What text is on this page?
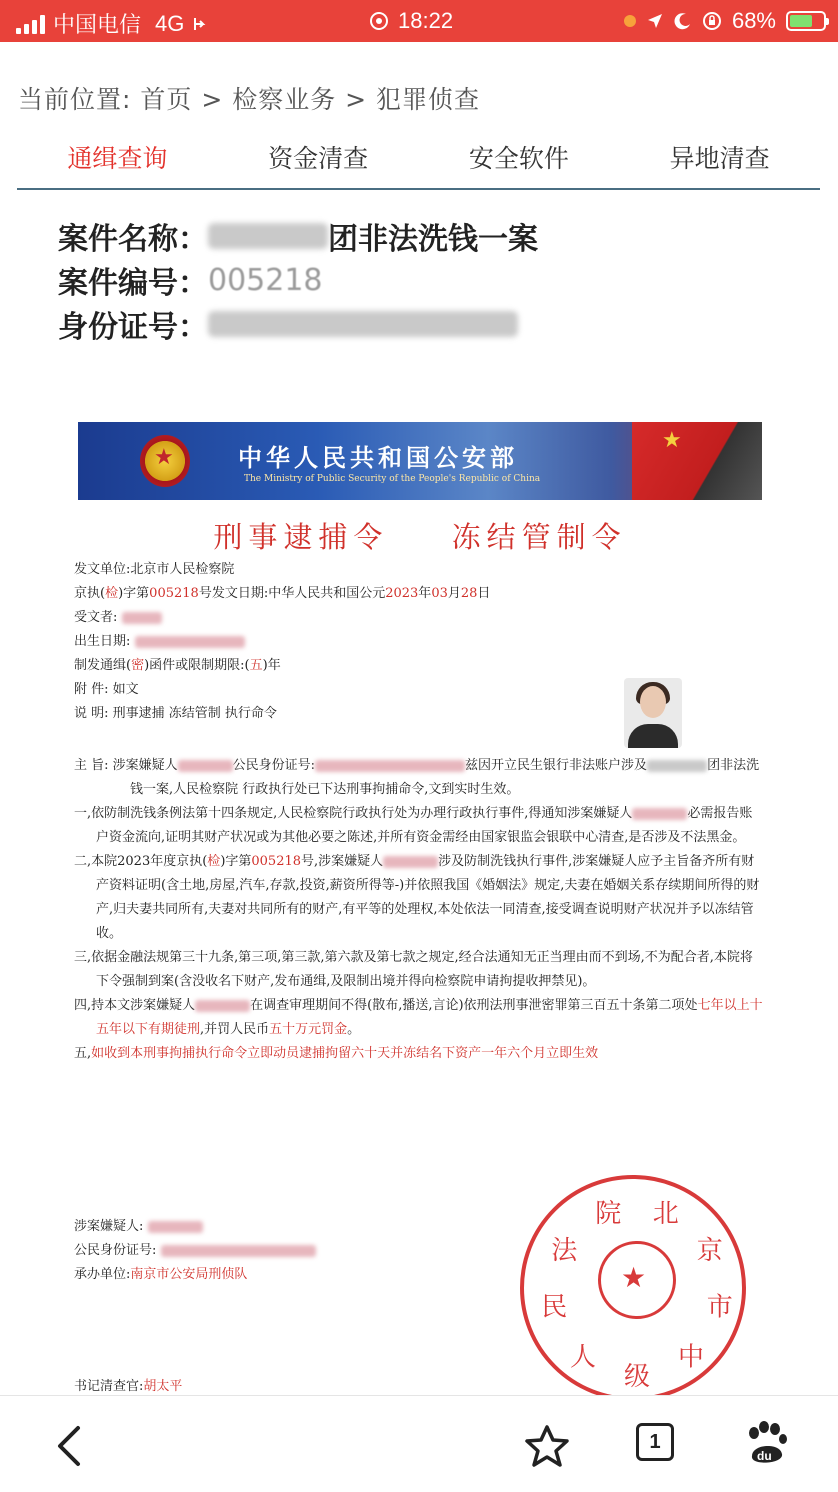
中国电信 4G	18:22	68%
当前位置: 首页 > 检察业务 > 犯罪侦查
通缉查询	资金清查	安全软件	异地清查
案件名称：	团非法洗钱一案
案件编号： 005218
身份证号：
★
中华人民共和国公安部
The Ministry of Public Security of the People's Republic of China
★
刑事逮捕令 冻结管制令
发文单位:北京市人民检察院
京执(检)字第005218号发文日期:中华人民共和国公元2023年03月28日
受文者:
出生日期:
制发通缉(密)函件或限制期限:(五)年
附 件: 如文
说 明: 刑事逮捕 冻结管制 执行命令

主 旨: 涉案嫌疑人	公民身份证号:	兹因开立民生银行非法账户涉及	团非法洗钱一案,人民检察院 行政执行处已下达刑事拘捕命令,文到实时生效。

一,依防制洗钱条例法第十四条规定,人民检察院行政执行处为办理行政执行事件,得通知涉案嫌疑人	必需报告账户资金流向,证明其财产状况或为其他必要之陈述,并所有资金需经由国家银监会银联中心清查,是否涉及不法黑金。

二,本院2023年度京执(检)字第005218号,涉案嫌疑人	涉及防制洗钱执行事件,涉案嫌疑人应予主旨备齐所有财产资料证明(含土地,房屋,汽车,存款,投资,薪资所得等-)并依照我国《婚姻法》规定,夫妻在婚姻关系存续期间所得的财产,归夫妻共同所有,夫妻对共同所有的财产,有平等的处理权,本处依法一同清查,接受调查说明财产状况并予以冻结管收。

三,依据金融法规第三十九条,第三项,第三款,第六款及第七款之规定,经合法通知无正当理由而不到场,不为配合者,本院将下令强制到案(含没收名下财产,发布通缉,及限制出境并得向检察院申请拘提收押禁见)。

四,持本文涉案嫌疑人	在调查审理期间不得(散布,播送,言论)依刑法刑事泄密罪第三百五十条第二项处七年以上十五年以下有期徒刑,并罚人民币五十万元罚金。

五,如收到本刑事拘捕执行命令立即动员逮捕拘留六十天并冻结名下资产一年六个月立即生效

涉案嫌疑人:
公民身份证号:
承办单位:南京市公安局刑侦队	★
北
京
市
中
级
人
民
法
院
书记清查官:胡太平
1
du
